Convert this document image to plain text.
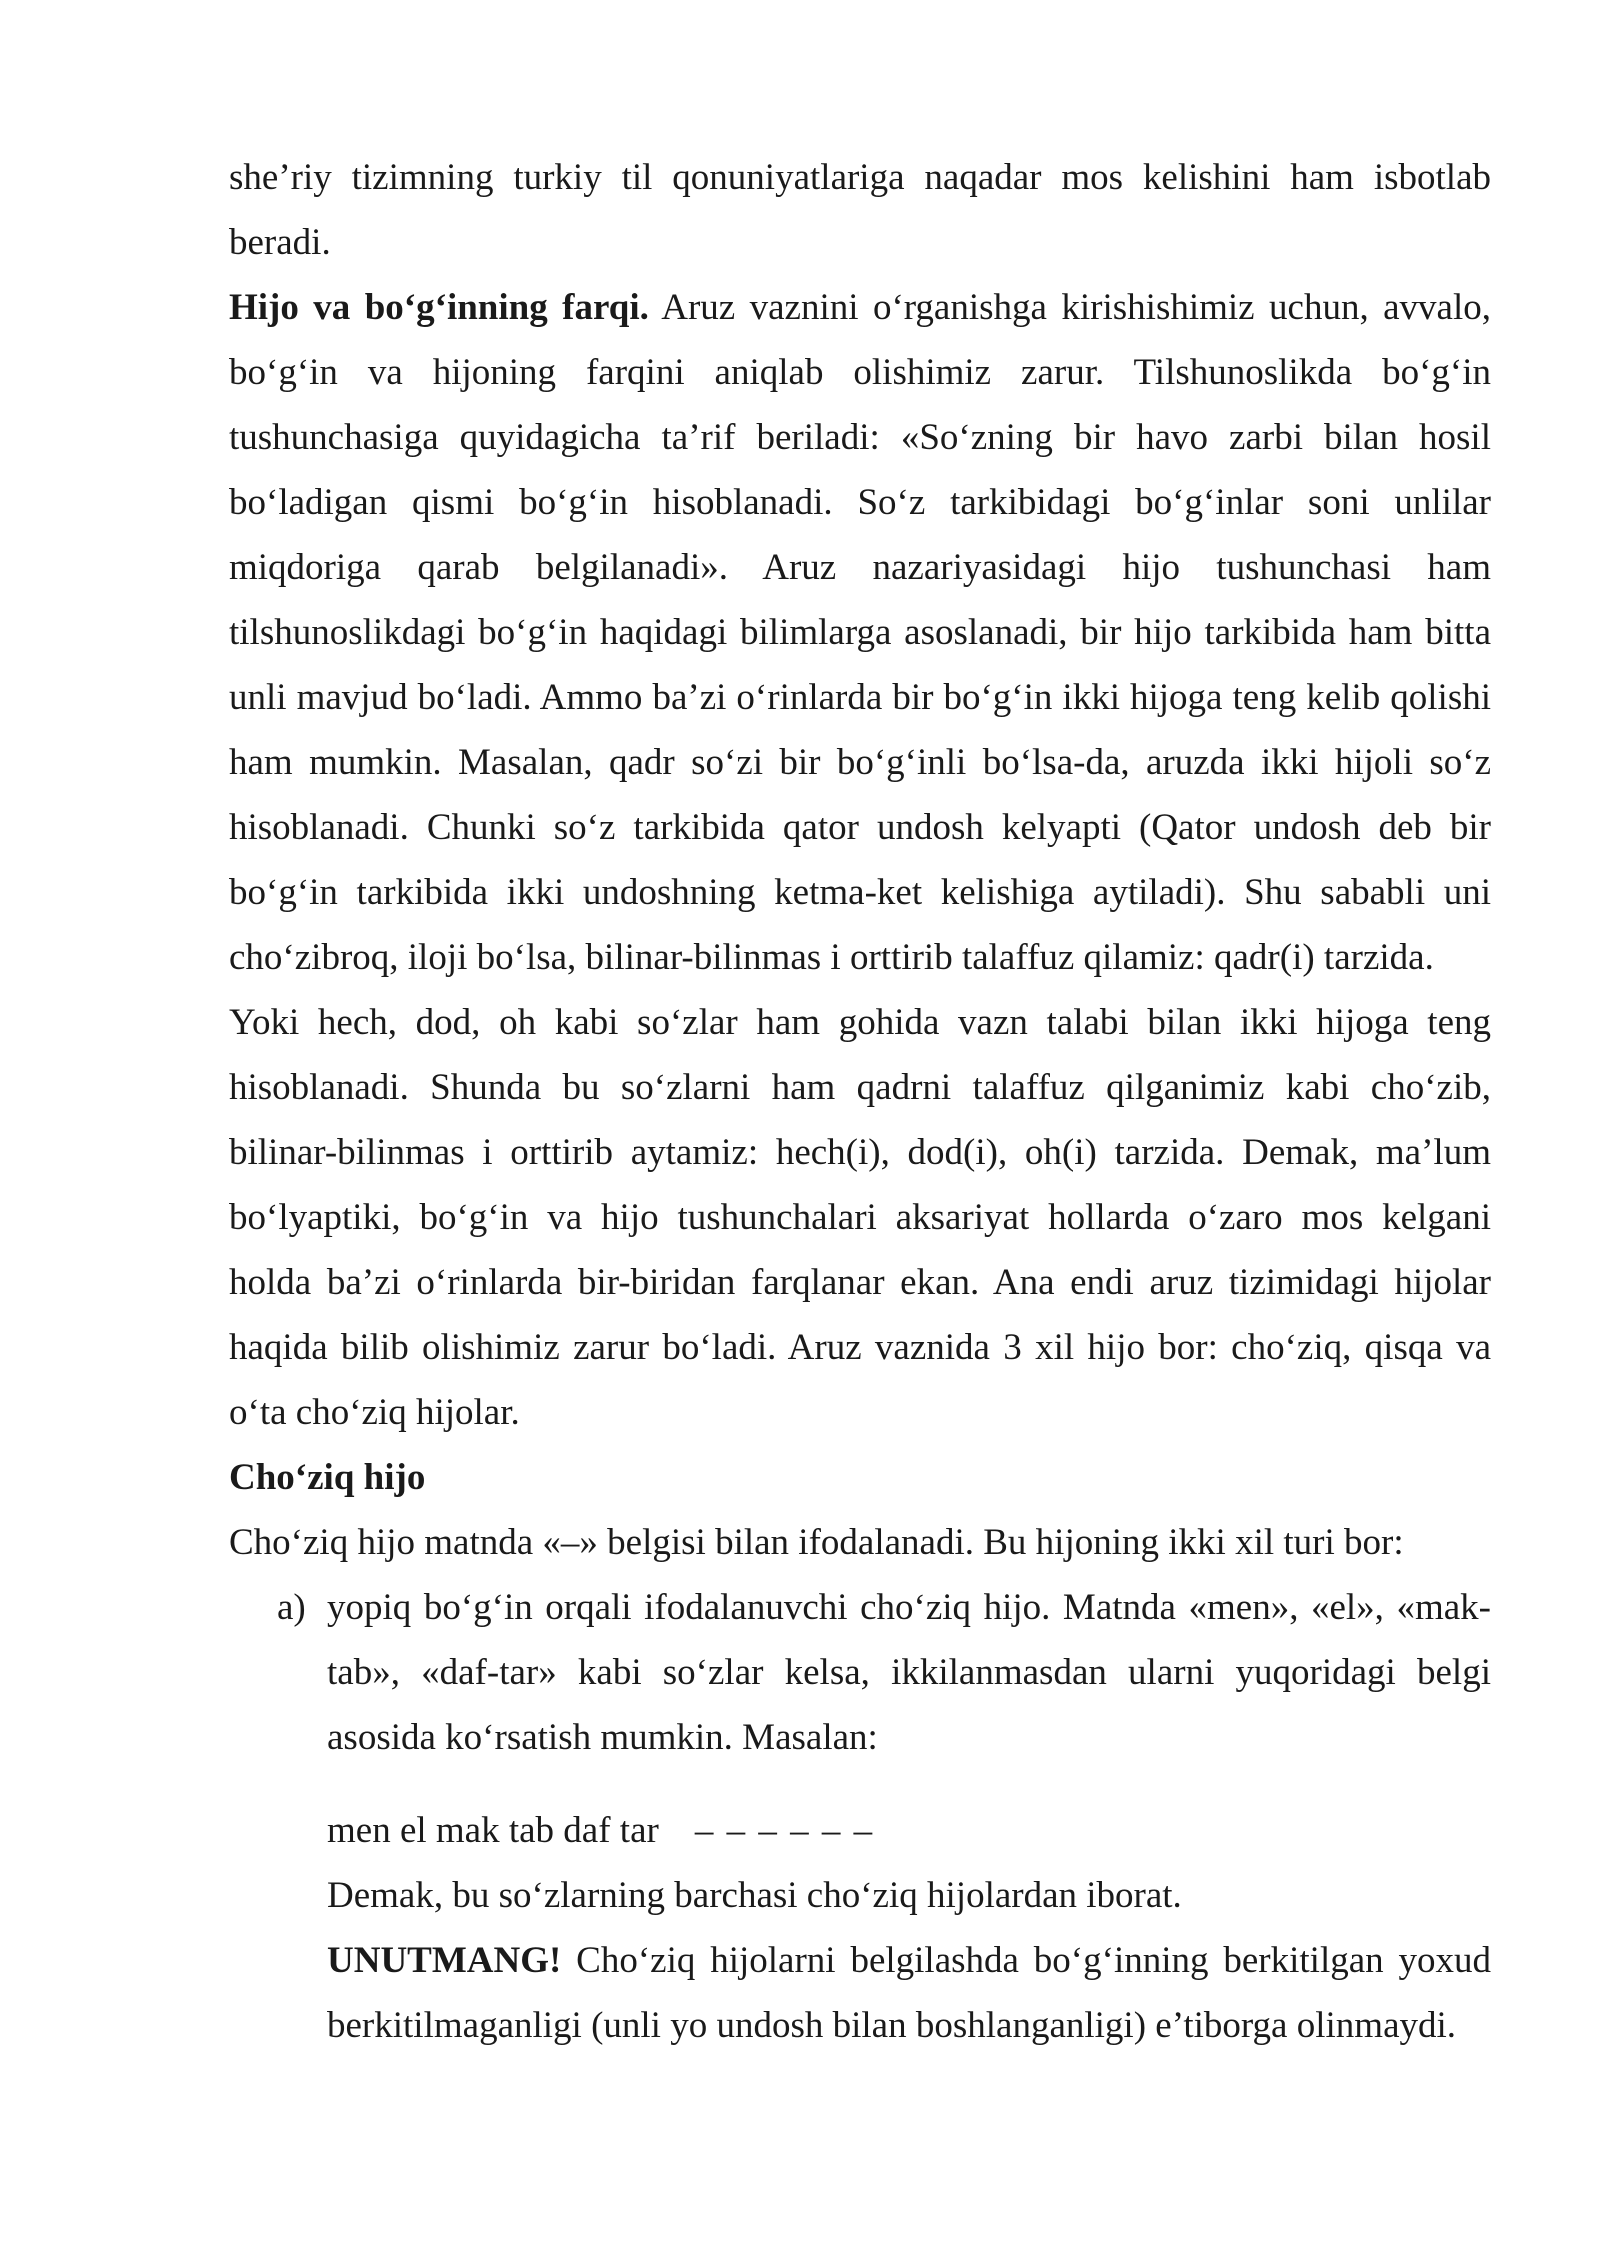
she’riy tizimning turkiy til qonuniyatlariga naqadar mos kelishini ham isbotlab beradi.

Hijo va bo‘g‘inning farqi. Aruz vaznini o‘rganishga kirishishimiz uchun, avvalo, bo‘g‘in va hijoning farqini aniqlab olishimiz zarur. Tilshunoslikda bo‘g‘in tushunchasiga quyidagicha ta’rif beriladi: «So‘zning bir havo zarbi bilan hosil bo‘ladigan qismi bo‘g‘in hisoblanadi. So‘z tarkibidagi bo‘g‘inlar soni unlilar miqdoriga qarab belgilanadi». Aruz nazariyasidagi hijo tushunchasi ham tilshunoslikdagi bo‘g‘in haqidagi bilimlarga asoslanadi, bir hijo tarkibida ham bitta unli mavjud bo‘ladi. Ammo ba’zi o‘rinlarda bir bo‘g‘in ikki hijoga teng kelib qolishi ham mumkin. Masalan, qadr so‘zi bir bo‘g‘inli bo‘lsa-da, aruzda ikki hijoli so‘z hisoblanadi. Chunki so‘z tarkibida qator undosh kelyapti (Qator undosh deb bir bo‘g‘in tarkibida ikki undoshning ketma-ket kelishiga aytiladi). Shu sababli uni cho‘zibroq, iloji bo‘lsa, bilinar-bilinmas i orttirib talaffuz qilamiz: qadr(i) tarzida.

Yoki hech, dod, oh kabi so‘zlar ham gohida vazn talabi bilan ikki hijoga teng hisoblanadi. Shunda bu so‘zlarni ham qadrni talaffuz qilganimiz kabi cho‘zib, bilinar-bilinmas i orttirib aytamiz: hech(i), dod(i), oh(i) tarzida. Demak, ma’lum bo‘lyaptiki, bo‘g‘in va hijo tushunchalari aksariyat hollarda o‘zaro mos kelgani holda ba’zi o‘rinlarda bir-biridan farqlanar ekan. Ana endi aruz tizimidagi hijolar haqida bilib olishimiz zarur bo‘ladi. Aruz vaznida 3 xil hijo bor: cho‘ziq, qisqa va o‘ta cho‘ziq hijolar.

Cho‘ziq hijo

Cho‘ziq hijo matnda «–» belgisi bilan ifodalanadi. Bu hijoning ikki xil turi bor:

a) yopiq bo‘g‘in orqali ifodalanuvchi cho‘ziq hijo. Matnda «men», «el», «mak-tab», «daf-tar» kabi so‘zlar kelsa, ikkilanmasdan ularni yuqoridagi belgi asosida ko‘rsatish mumkin. Masalan:

men el mak tab daf tar – – – – – –

Demak, bu so‘zlarning barchasi cho‘ziq hijolardan iborat.

UNUTMANG! Cho‘ziq hijolarni belgilashda bo‘g‘inning berkitilgan yoxud berkitilmaganligi (unli yo undosh bilan boshlanganligi) e’tiborga olinmaydi.
